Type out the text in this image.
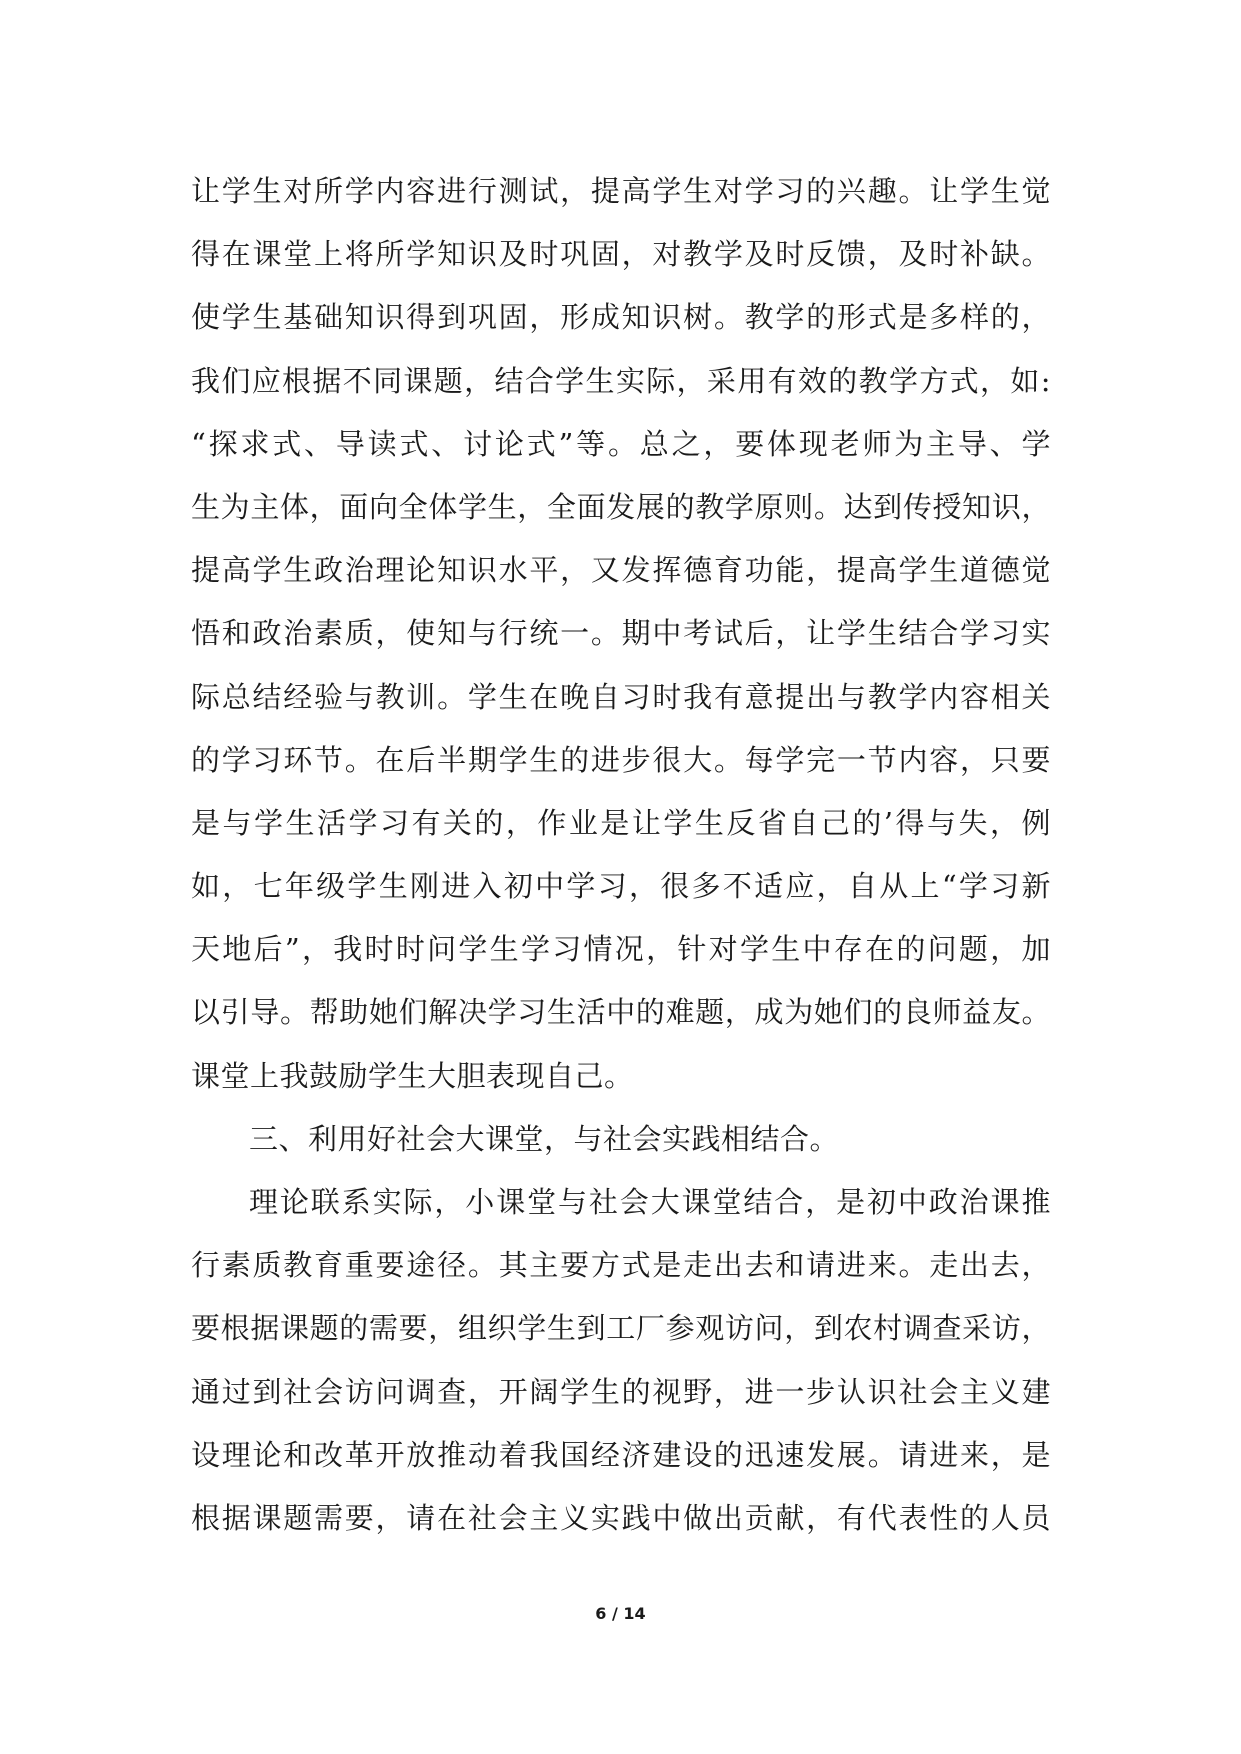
让学生对所学内容进行测试，提高学生对学习的兴趣。让学生觉
得在课堂上将所学知识及时巩固，对教学及时反馈，及时补缺。
使学生基础知识得到巩固，形成知识树。教学的形式是多样的，
我们应根据不同课题，结合学生实际，采用有效的教学方式，如:
“探求式、导读式、讨论式”等。总之，要体现老师为主导、学
生为主体，面向全体学生，全面发展的教学原则。达到传授知识，
提高学生政治理论知识水平，又发挥德育功能，提高学生道德觉
悟和政治素质，使知与行统一。期中考试后，让学生结合学习实
际总结经验与教训。学生在晚自习时我有意提出与教学内容相关
的学习环节。在后半期学生的进步很大。每学完一节内容，只要
是与学生活学习有关的，作业是让学生反省自己的’得与失，例
如，七年级学生刚进入初中学习，很多不适应，自从上“学习新
天地后”，我时时问学生学习情况，针对学生中存在的问题，加
以引导。帮助她们解决学习生活中的难题，成为她们的良师益友。
课堂上我鼓励学生大胆表现自己。
三、利用好社会大课堂，与社会实践相结合。
理论联系实际，小课堂与社会大课堂结合，是初中政治课推
行素质教育重要途径。其主要方式是走出去和请进来。走出去，
要根据课题的需要，组织学生到工厂参观访问，到农村调查采访，
通过到社会访问调查，开阔学生的视野，进一步认识社会主义建
设理论和改革开放推动着我国经济建设的迅速发展。请进来，是
根据课题需要，请在社会主义实践中做出贡献，有代表性的人员
6 / 14
